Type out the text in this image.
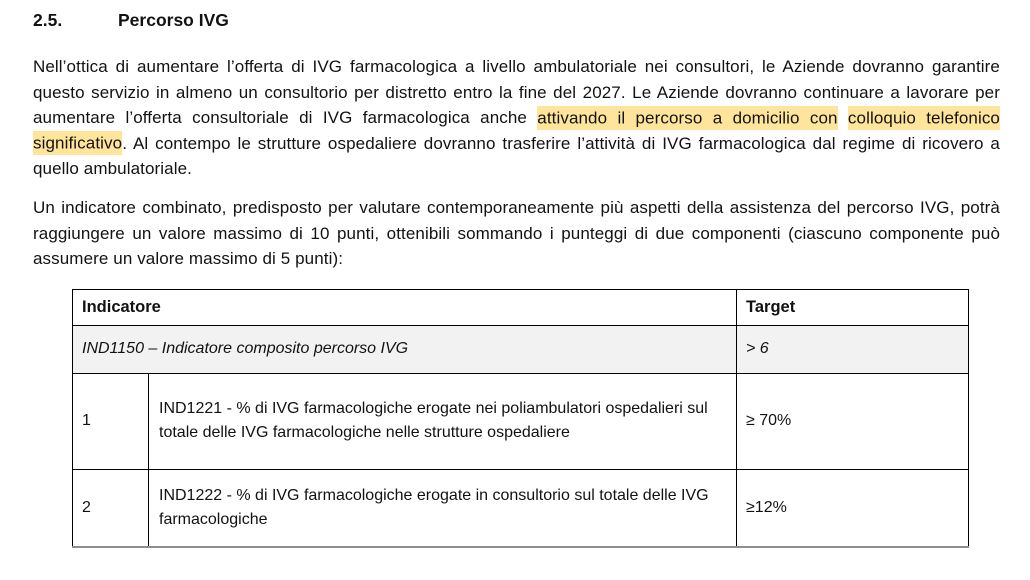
2.5.	Percorso IVG

Nell’ottica di aumentare l’offerta di IVG farmacologica a livello ambulatoriale nei consultori, le Aziende dovranno garantire questo servizio in almeno un consultorio per distretto entro la fine del 2027. Le Aziende dovranno continuare a lavorare per aumentare l’offerta consultoriale di IVG farmacologica anche attivando il percorso a domicilio con colloquio telefonico significativo. Al contempo le strutture ospedaliere dovranno trasferire l’attività di IVG farmacologica dal regime di ricovero a quello ambulatoriale.

Un indicatore combinato, predisposto per valutare contemporaneamente più aspetti della assistenza del percorso IVG, potrà raggiungere un valore massimo di 10 punti, ottenibili sommando i punteggi di due componenti (ciascuno componente può assumere un valore massimo di 5 punti):

Indicatore		Target
IND1150 – Indicatore composito percorso IVG		> 6
1	IND1221 - % di IVG farmacologiche erogate nei poliambulatori ospedalieri sul totale delle IVG farmacologiche nelle strutture ospedaliere	≥ 70%
2	IND1222 - % di IVG farmacologiche erogate in consultorio sul totale delle IVG farmacologiche	≥12%
